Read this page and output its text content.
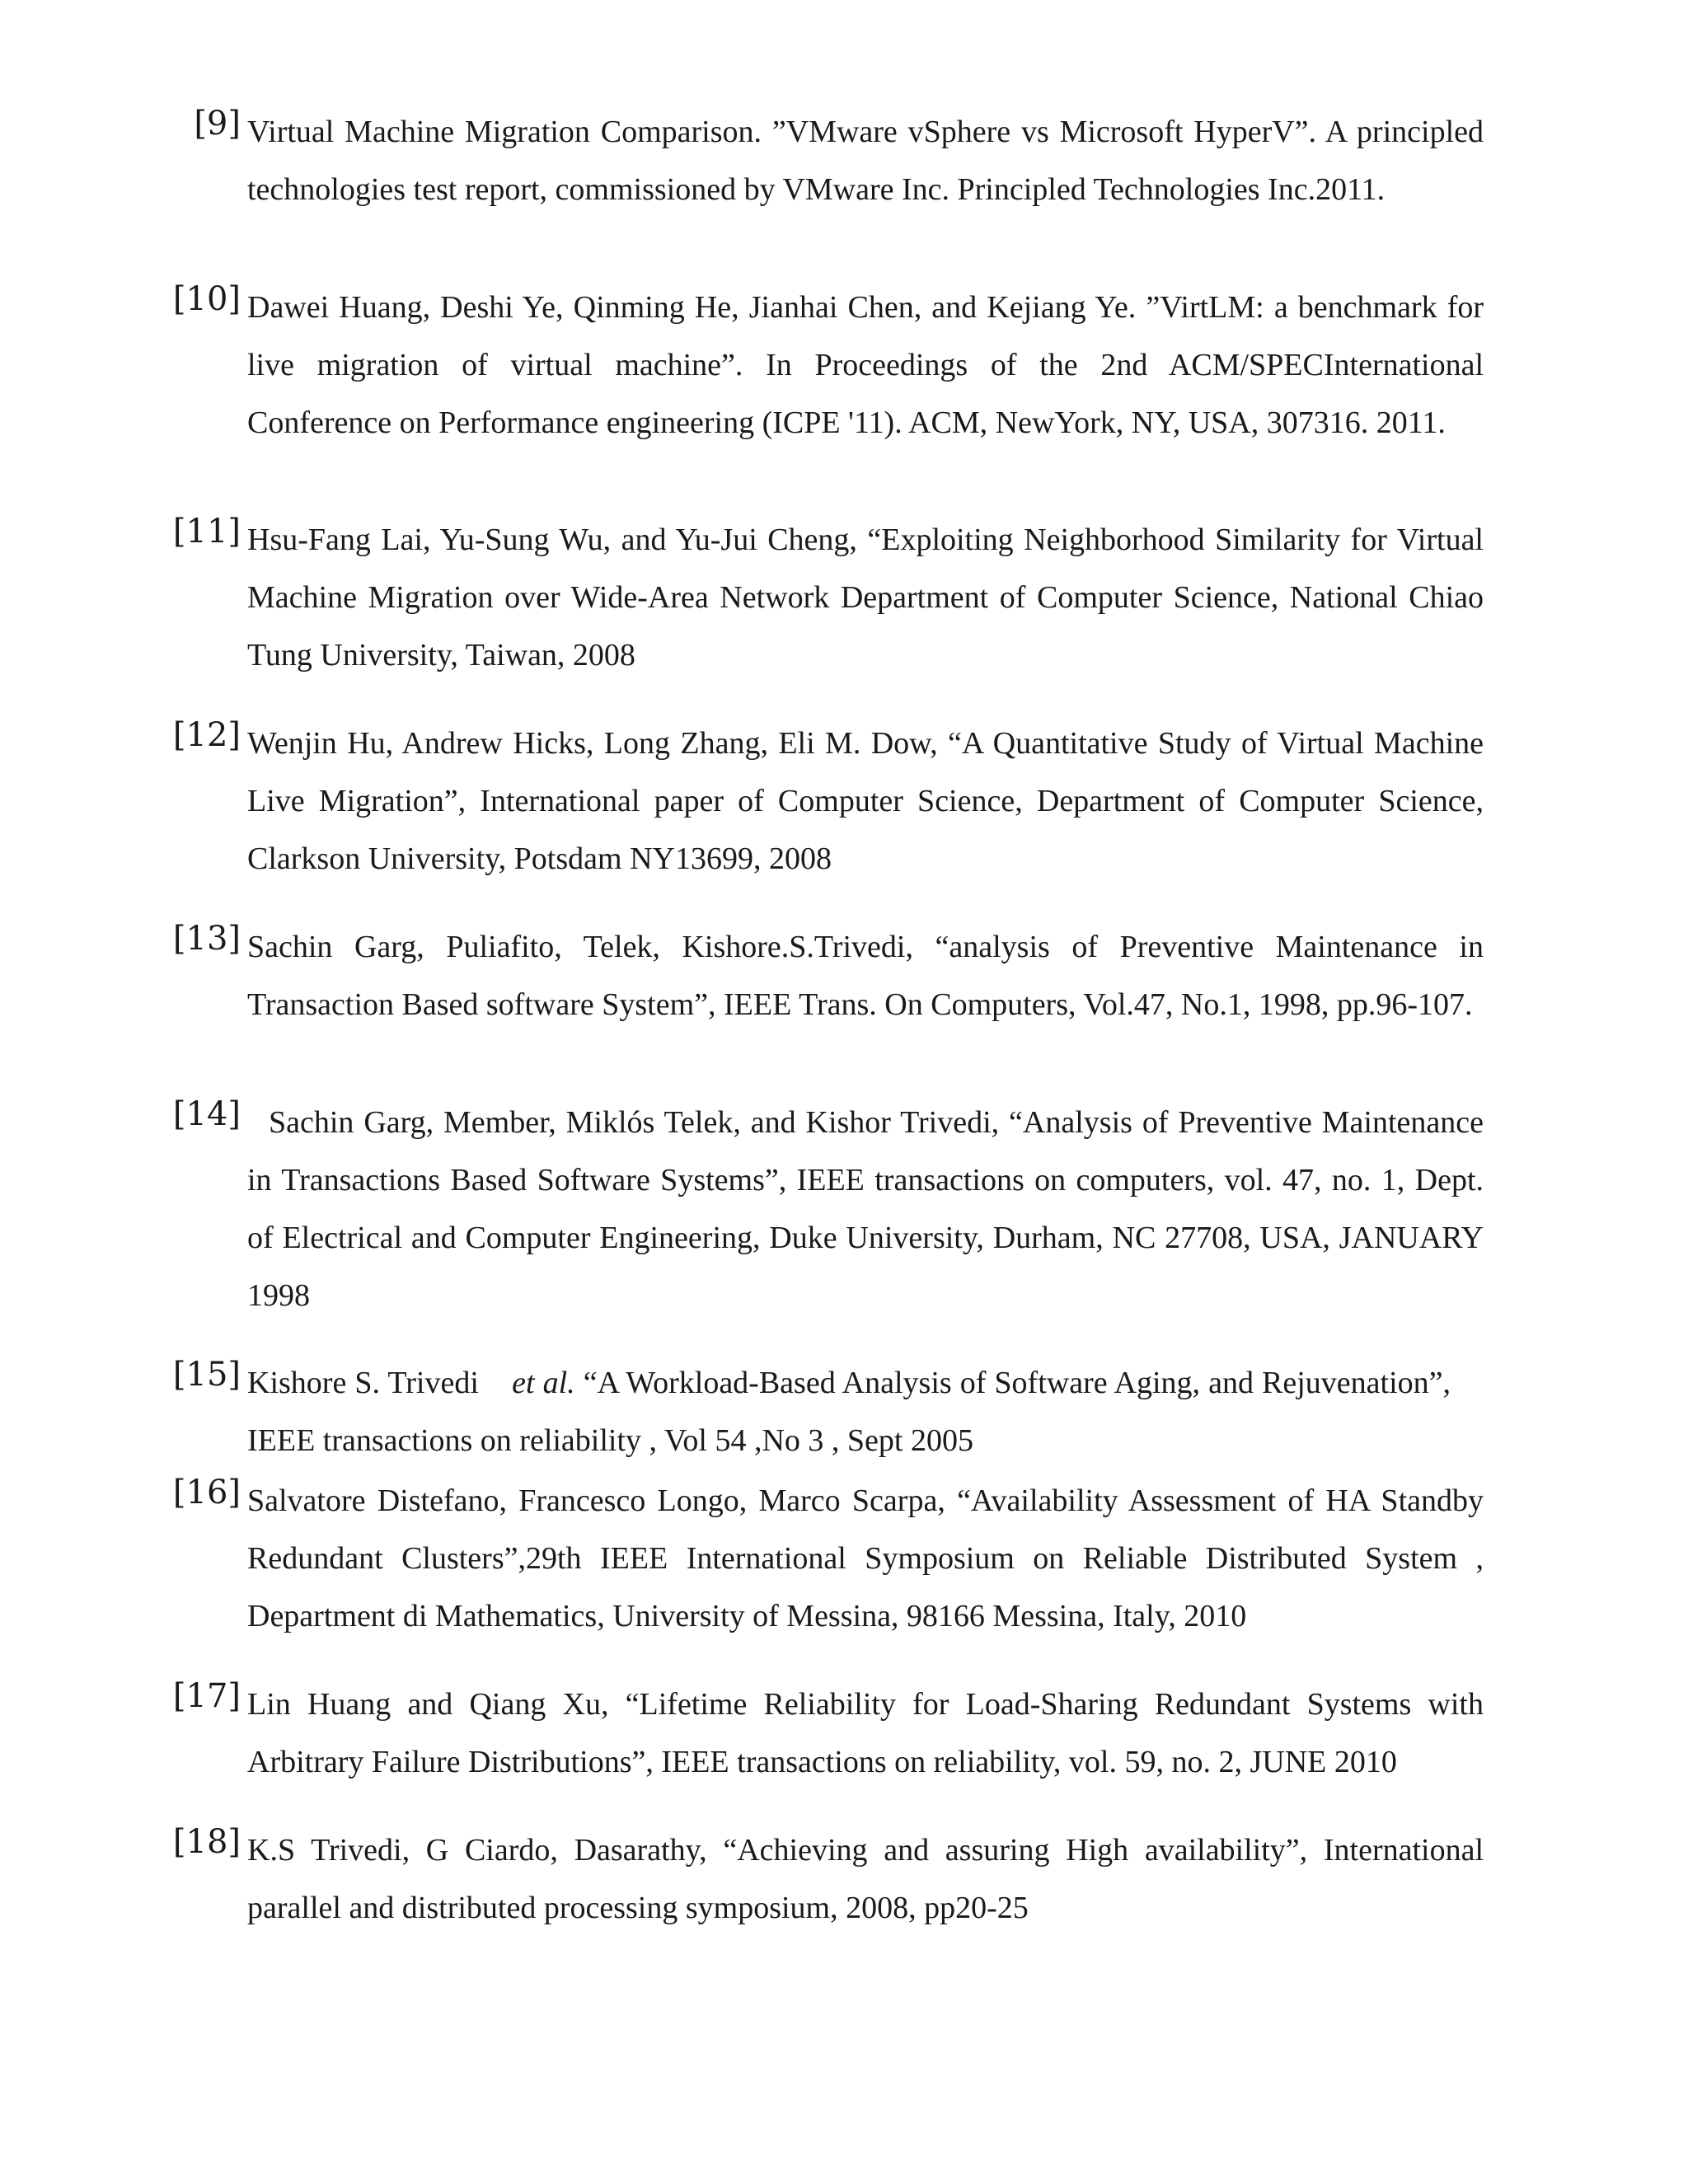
[9] Virtual Machine Migration Comparison. ”VMware vSphere vs Microsoft HyperV”. A principled technologies test report, commissioned by VMware Inc. Principled Technologies Inc.2011.

[10] Dawei Huang, Deshi Ye, Qinming He, Jianhai Chen, and Kejiang Ye. ”VirtLM: a benchmark for live migration of virtual machine”. In Proceedings of the 2nd ACM/SPECInternational Conference on Performance engineering (ICPE '11). ACM, NewYork, NY, USA, 307316. 2011.

[11] Hsu-Fang Lai, Yu-Sung Wu, and Yu-Jui Cheng, “Exploiting Neighborhood Similarity for Virtual Machine Migration over Wide-Area Network Department of Computer Science, National Chiao Tung University, Taiwan, 2008

[12] Wenjin Hu, Andrew Hicks, Long Zhang, Eli M. Dow, “A Quantitative Study of Virtual Machine Live Migration”, International paper of Computer Science, Department of Computer Science, Clarkson University, Potsdam NY13699, 2008

[13] Sachin Garg, Puliafito, Telek, Kishore.S.Trivedi, “analysis of Preventive Maintenance in Transaction Based software System”, IEEE Trans. On Computers, Vol.47, No.1, 1998, pp.96-107.

[14] Sachin Garg, Member, Miklós Telek, and Kishor Trivedi, “Analysis of Preventive Maintenance in Transactions Based Software Systems”, IEEE transactions on computers, vol. 47, no. 1, Dept. of Electrical and Computer Engineering, Duke University, Durham, NC 27708, USA, JANUARY 1998

[15] Kishore S. Trivedi et al. “A Workload-Based Analysis of Software Aging, and Rejuvenation”, IEEE transactions on reliability , Vol 54 ,No 3 , Sept 2005

[16] Salvatore Distefano, Francesco Longo, Marco Scarpa, “Availability Assessment of HA Standby Redundant Clusters”,29th IEEE International Symposium on Reliable Distributed System , Department di Mathematics, University of Messina, 98166 Messina, Italy, 2010

[17] Lin Huang and Qiang Xu, “Lifetime Reliability for Load-Sharing Redundant Systems with Arbitrary Failure Distributions”, IEEE transactions on reliability, vol. 59, no. 2, JUNE 2010

[18] K.S Trivedi, G Ciardo, Dasarathy, “Achieving and assuring High availability”, International parallel and distributed processing symposium, 2008, pp20-25
